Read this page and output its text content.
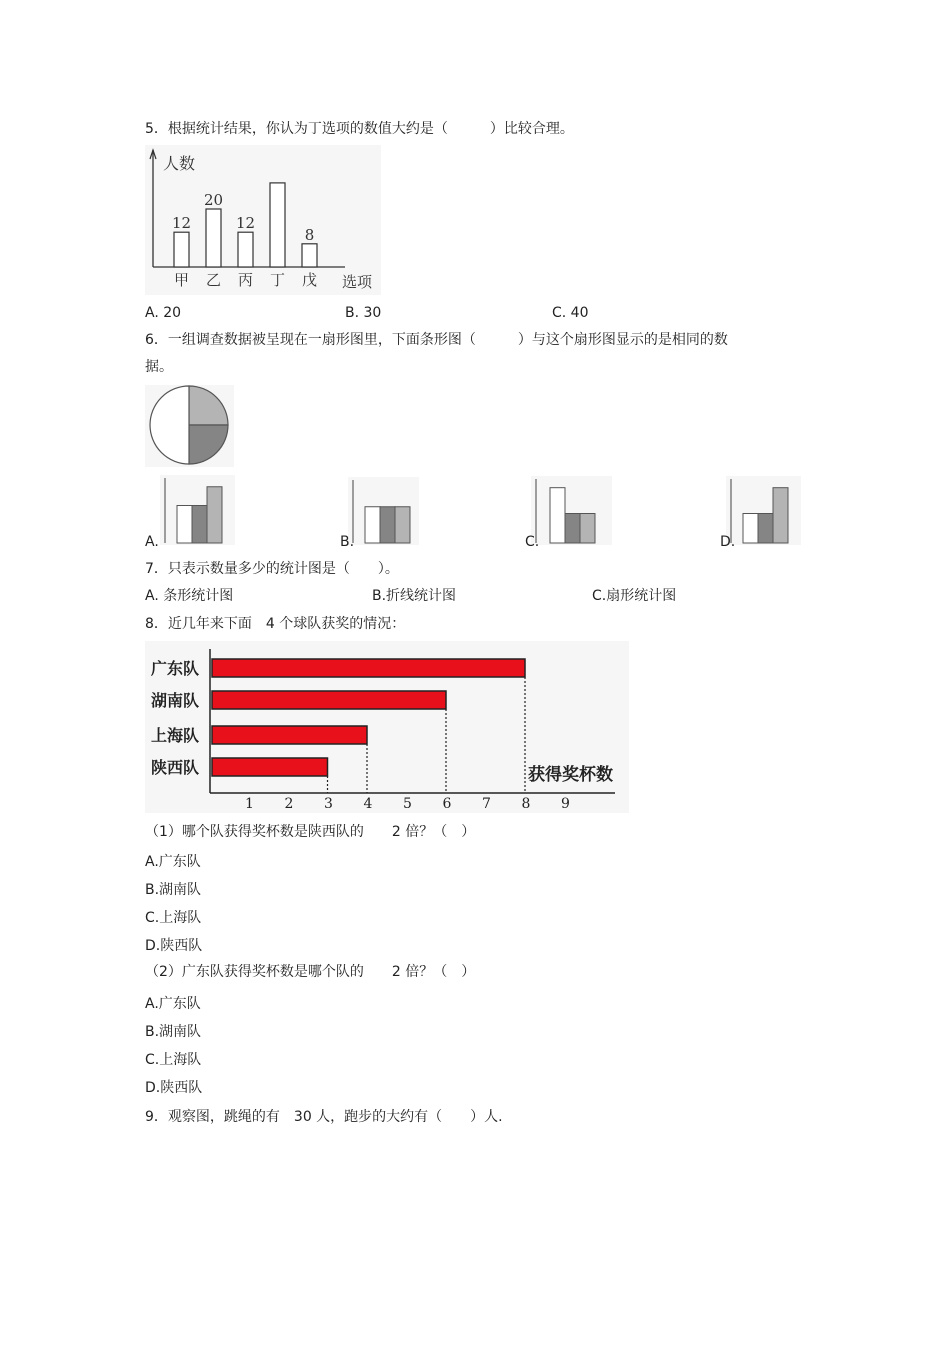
5．根据统计结果，你认为丁选项的数值大约是（　　　）比较合理。
人数
选项
12
甲
20
乙
12
丙 丁
8
戊
A. 20	B. 30	C. 40
6．一组调查数据被呈现在一扇形图里，下面条形图（　　　）与这个扇形图显示的是相同的数
据。
A.	B.	C.	D.
7．只表示数量多少的统计图是（　　）。
A. 条形统计图	B.折线统计图	C.扇形统计图
8．近几年来下面　4 个球队获奖的情况：
获得奖杯数
广东队
湖南队
上海队
陕西队
1 2 3 4 5 6 7 8 9
（1）哪个队获得奖杯数是陕西队的　　2 倍？（　）
A.广东队
B.湖南队
C.上海队
D.陕西队
（2）广东队获得奖杯数是哪个队的　　2 倍？（　）
A.广东队
B.湖南队
C.上海队
D.陕西队
9．观察图，跳绳的有　30 人，跑步的大约有（　　）人.
